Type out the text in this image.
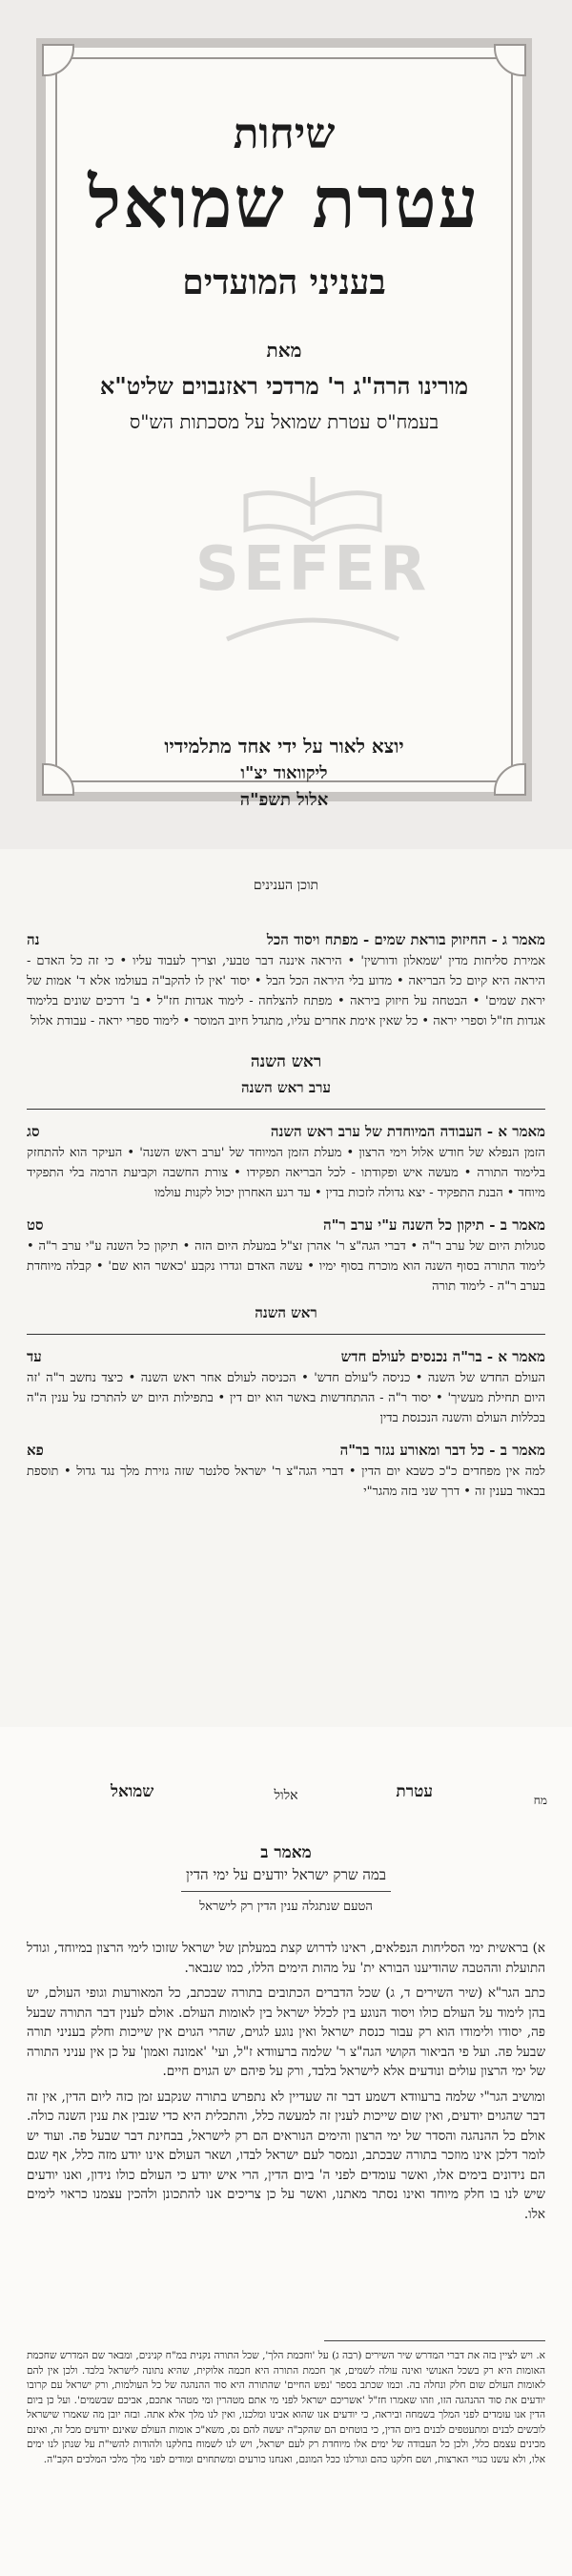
שיחות
עטרת שמואל
בעניני המועדים
מאת
מורינו הרה"ג ר' מרדכי ראזנבוים שליט"א
בעמח"ס עטרת שמואל על מסכתות הש"ס
SEFER
יוצא לאור על ידי אחד מתלמידיו
ליקוואוד יצ"ו
אלול תשפ"ה
תוכן הענינים
מאמר ג - החיזוק בוראת שמים - מפתח ויסוד הכל
נה
אמירת סליחות מדין 'שמאלון ודורשין' • היראה איננה דבר טבעי, וצריך לעבוד עליו • כי זה כל האדם - היראה היא קיום כל הבריאה • מדוע בלי היראה הכל הבל • יסוד 'אין לו להקב"ה בעולמו אלא ד' אמות של יראת שמים' • הבטחה על חיזוק ביראה • מפתח להצלחה - לימוד אגדות חז"ל • ב' דרכים שונים בלימוד אגדות חז"ל וספרי יראה • כל שאין אימת אחרים עליו, מתגדל חיוב המוסר • לימוד ספרי יראה - עבודת אלול
ראש השנה
ערב ראש השנה
מאמר א - העבודה המיוחדת של ערב ראש השנה
סג
הזמן הנפלא של חודש אלול וימי הרצון • מעלת הזמן המיוחד של 'ערב ראש השנה' • העיקר הוא להתחזק בלימוד התורה • מעשה איש ופקודתו - לכל הבריאה תפקידו • צורת החשבה וקביעת הרמה בלי התפקיד מיוחד • הבנת התפקיד - יצא גדולה לזכות בדין • עד רגע האחרון יכול לקנות עולמו
מאמר ב - תיקון כל השנה ע"י ערב ר"ה
סט
סגולות היום של ערב ר"ה • דברי הגה"צ ר' אהרן זצ"ל במעלת היום הזה • תיקון כל השנה ע"י ערב ר"ה • לימוד התורה בסוף השנה הוא מוכרח בסוף ימיו • עשה האדם וגדרו נקבע 'כאשר הוא שם' • קבלה מיוחדת בערב ר"ה - לימוד תורה
ראש השנה
מאמר א - בר"ה נכנסים לעולם חדש
עד
העולם החדש של השנה • כניסה ל'עולם חדש' • הכניסה לעולם אחר ראש השנה • כיצד נחשב ר"ה 'זה היום תחילת מעשיך' • יסוד ר"ה - ההתחדשות באשר הוא יום דין • בתפילות היום יש להתרכז על ענין ה"ה בכללות העולם והשנה הנכנסת בדין
מאמר ב - כל דבר ומאורע נגזר בר"ה
פא
למה אין מפחדים כ"כ כשבא יום הדין • דברי הגה"צ ר' ישראל סלנטר שזה גזירת מלך נגד גדול • תוספת בבאור בענין זה • דרך שני בזה מהגר"י
מח
עטרת
אלול
שמואל
מאמר ב
במה שרק ישראל יודעים על ימי הדין
הטעם שנתגלה ענין הדין רק לישראל

א) בראשית ימי הסליחות הנפלאים, ראינו לדרוש קצת במעלתן של ישראל שזוכו לימי הרצון במיוחד, וגודל התועלת וההטבה שהודיענו הבורא ית' על מהות הימים הללו, כמו שנבאר.

כתב הגר"א (שיר השירים ד, ג) שכל הדברים הכתובים בתורה שבכתב, כל המאורעות וגופי העולם, יש בהן לימוד על העולם כולו ויסוד הנוגע בין לכלל ישראל בין לאומות העולם. אולם לענין דבר התורה שבעל פה, יסודו ולימודו הוא רק עבור כנסת ישראל ואין נוגע לגוים, שהרי הגוים אין שייכות וחלק בעניני תורה שבעל פה. ועל פי הביאור הקושי הגה"צ ר' שלמה ברעוודא ז"ל, ועי' 'אמונה ואמון' על כן אין עניני התורה של ימי הרצון עולים ונודעים אלא לישראל בלבד, ורק על פיהם יש הגוים חיים.

ומושיב הגר"י שלמה ברעוודא דשמע דבר זה שעדיין לא נתפרש בתורה שנקבע זמן כזה ליום הדין, אין זה דבר שהגוים יודעים, ואין שום שייכות לענין זה למעשה כלל, והתכלית היא כדי שנבין את ענין השנה כולה. אולם כל ההנהגה והסדר של ימי הרצון והימים הנוראים הם רק לישראל, בבחינת דבר שבעל פה. ועוד יש לומר דלכן אינו מוזכר בתורה שבכתב, ונמסר לעם ישראל לבדו, ושאר העולם אינו יודע מזה כלל, אף שגם הם נידונים בימים אלו, ואשר עומדים לפני ה' ביום הדין, הרי איש יודע כי העולם כולו נידון, ואנו יודעים שיש לנו בו חלק מיוחד ואינו נסתר מאתנו, ואשר על כן צריכים אנו להתכונן ולהכין עצמנו כראוי לימים אלו.

א. ויש לציין בזה את דברי המדרש שיר השירים (רבה ג) על 'וחכמת הלך', שכל התורה נקנית במ"ח קנינים, ומבאר שם המדרש שחכמת האומות היא רק בשכל האנושי ואינה עולה לשמים, אך חכמת התורה היא חכמה אלוקית, שהיא נתונה לישראל בלבד. ולכן אין להם לאומות העולם שום חלק ונחלה בה. וכמו שכתב בספר 'נפש החיים' שהתורה היא סוד ההנהגה של כל העולמות, ורק ישראל עם קרובו יודעים את סוד ההנהגה הזו, וזהו שאמרו חז"ל 'אשריכם ישראל לפני מי אתם מטהרין ומי מטהר אתכם, אביכם שבשמים'. ועל כן ביום הדין אנו עומדים לפני המלך בשמחה וביראה, כי יודעים אנו שהוא אבינו ומלכנו, ואין לנו מלך אלא אתה. ובזה יובן מה שאמרו שישראל לובשים לבנים ומתעטפים לבנים ביום הדין, כי בוטחים הם שהקב"ה יעשה להם נס, משא"כ אומות העולם שאינם יודעים מכל זה, ואינם מכינים עצמם כלל, ולכן כל העבודה של ימים אלו מיוחדת רק לעם ישראל, ויש לנו לשמוח בחלקנו ולהודות להשי"ת על שנתן לנו ימים אלו, ולא עשנו כגויי הארצות, ושם חלקנו כהם וגורלנו ככל המונם, ואנחנו כורעים ומשתחוים ומודים לפני מלך מלכי המלכים הקב"ה.
